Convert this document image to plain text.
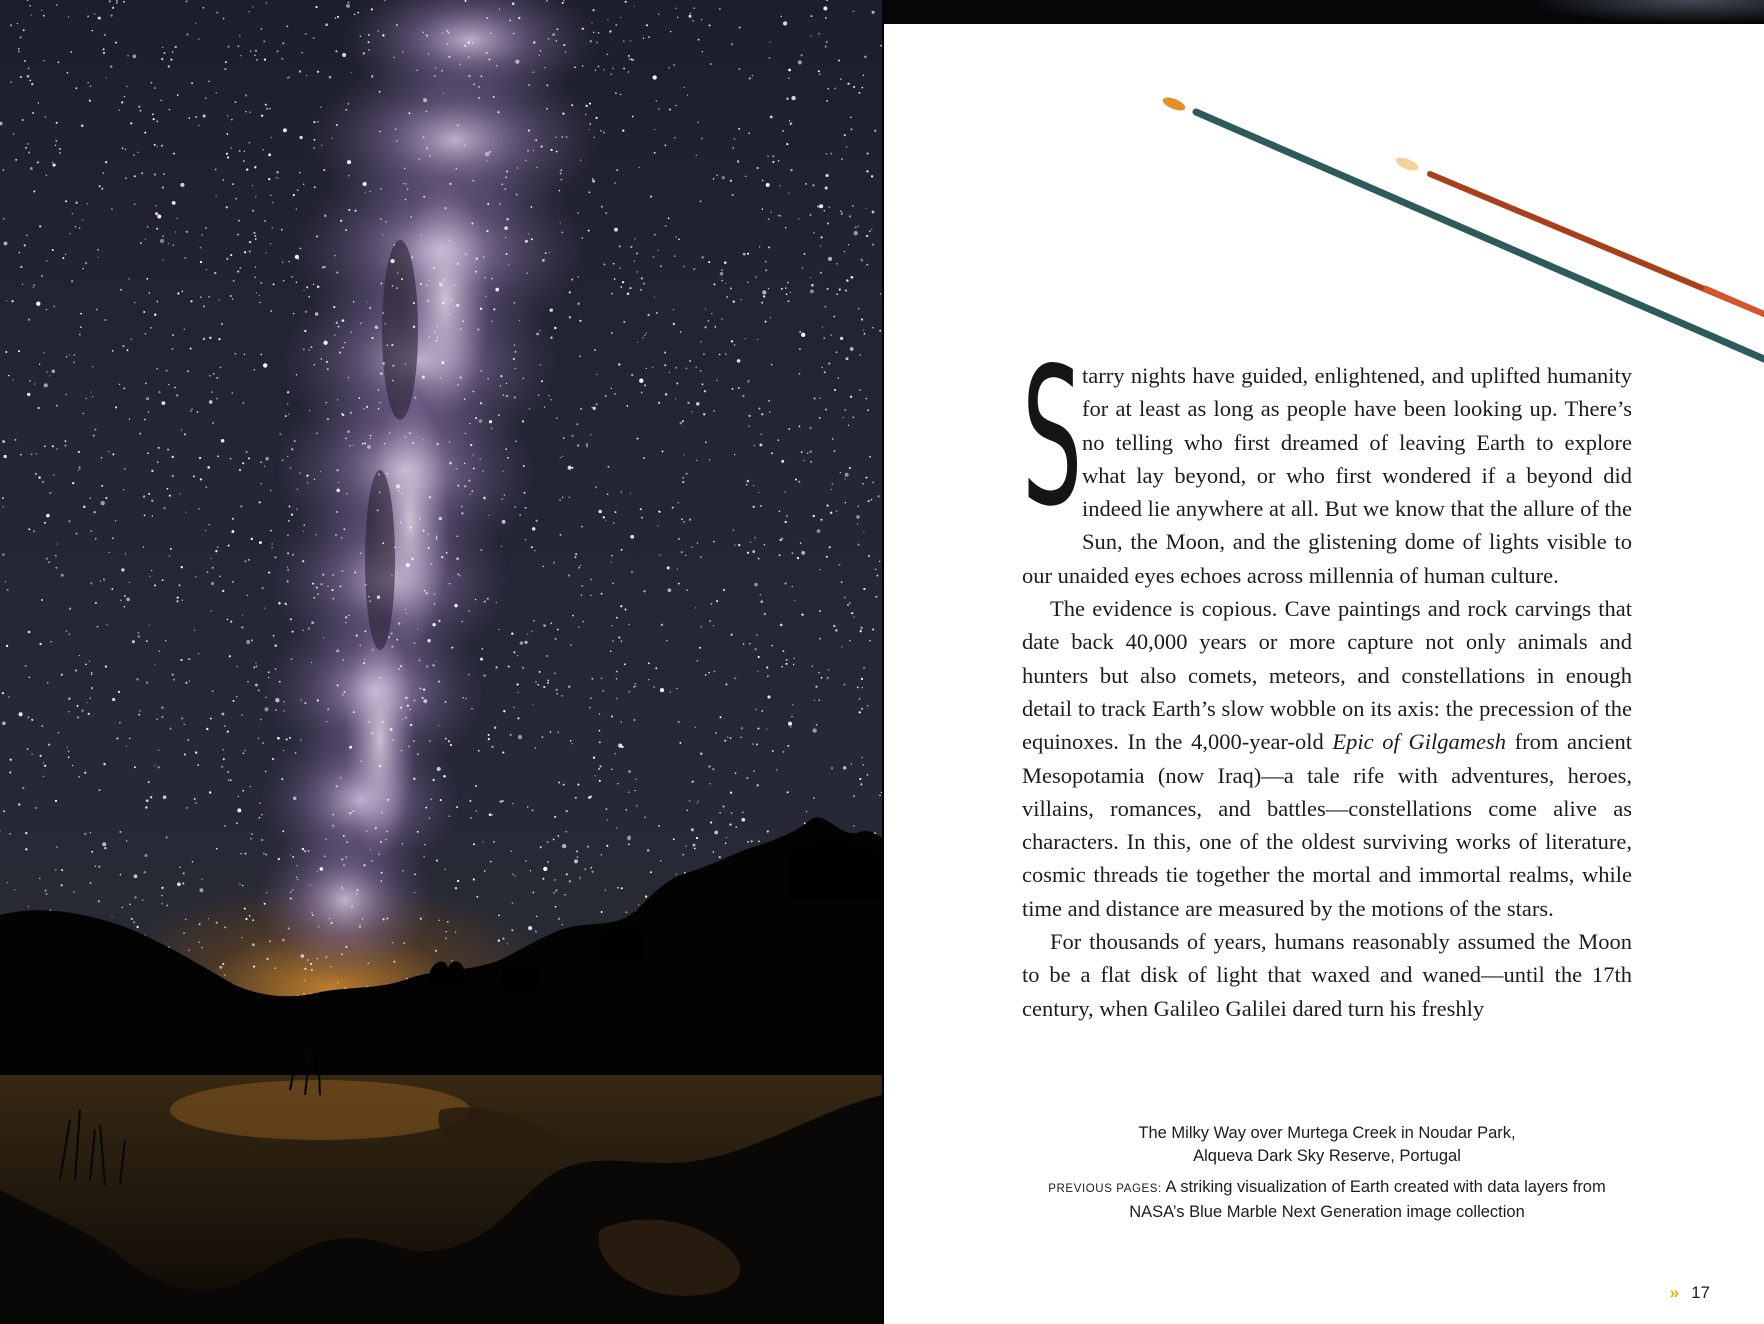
Starry nights have guided, enlightened, and uplifted humanity for at least as long as people have been looking up. There’s no telling who first dreamed of leaving Earth to explore what lay beyond, or who first wondered if a beyond did indeed lie anywhere at all. But we know that the allure of the Sun, the Moon, and the glistening dome of lights visible to our unaided eyes echoes across millennia of human culture.

The evidence is copious. Cave paintings and rock carvings that date back 40,000 years or more capture not only animals and hunters but also comets, meteors, and constellations in enough detail to track Earth’s slow wobble on its axis: the precession of the equinoxes. In the 4,000-year-old Epic of Gilgamesh from ancient Mesopotamia (now Iraq)—a tale rife with adventures, heroes, villains, romances, and battles—constellations come alive as characters. In this, one of the oldest surviving works of literature, cosmic threads tie together the mortal and immortal realms, while time and distance are measured by the motions of the stars.

For thousands of years, humans reasonably assumed the Moon to be a flat disk of light that waxed and waned—until the 17th century, when Galileo Galilei dared turn his freshly

The Milky Way over Murtega Creek in Noudar Park,
Alqueva Dark Sky Reserve, Portugal
PREVIOUS PAGES: A striking visualization of Earth created with data layers from NASA’s Blue Marble Next Generation image collection
» 17
